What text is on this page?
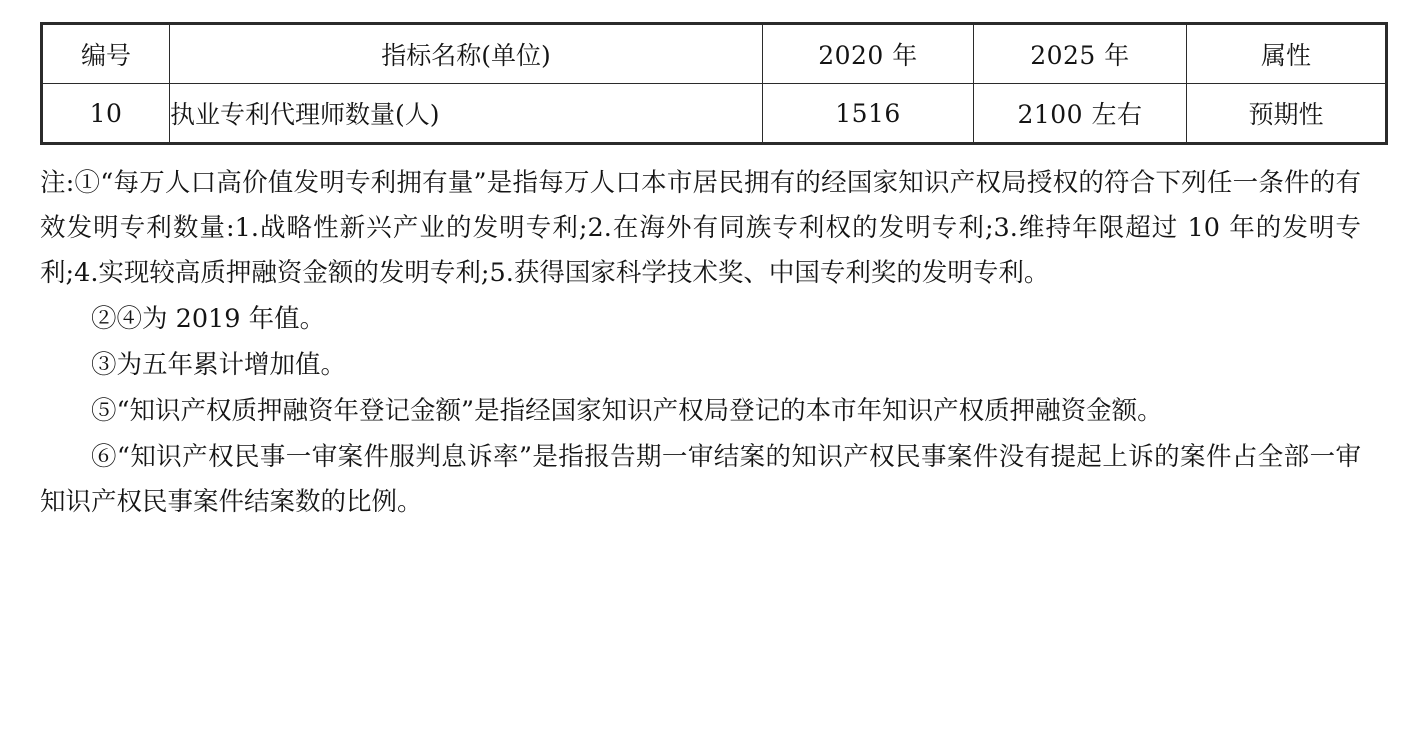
编号	指标名称(单位)	2020 年	2025 年	属性
10	执业专利代理师数量(人)	1516	2100 左右	预期性

注:①“每万人口高价值发明专利拥有量”是指每万人口本市居民拥有的经国家知识产权局授权的符合下列任一条件的有效发明专利数量:1.战略性新兴产业的发明专利;2.在海外有同族专利权的发明专利;3.维持年限超过 10 年的发明专利;4.实现较高质押融资金额的发明专利;5.获得国家科学技术奖、中国专利奖的发明专利。

②④为 2019 年值。

③为五年累计增加值。

⑤“知识产权质押融资年登记金额”是指经国家知识产权局登记的本市年知识产权质押融资金额。

⑥“知识产权民事一审案件服判息诉率”是指报告期一审结案的知识产权民事案件没有提起上诉的案件占全部一审知识产权民事案件结案数的比例。
